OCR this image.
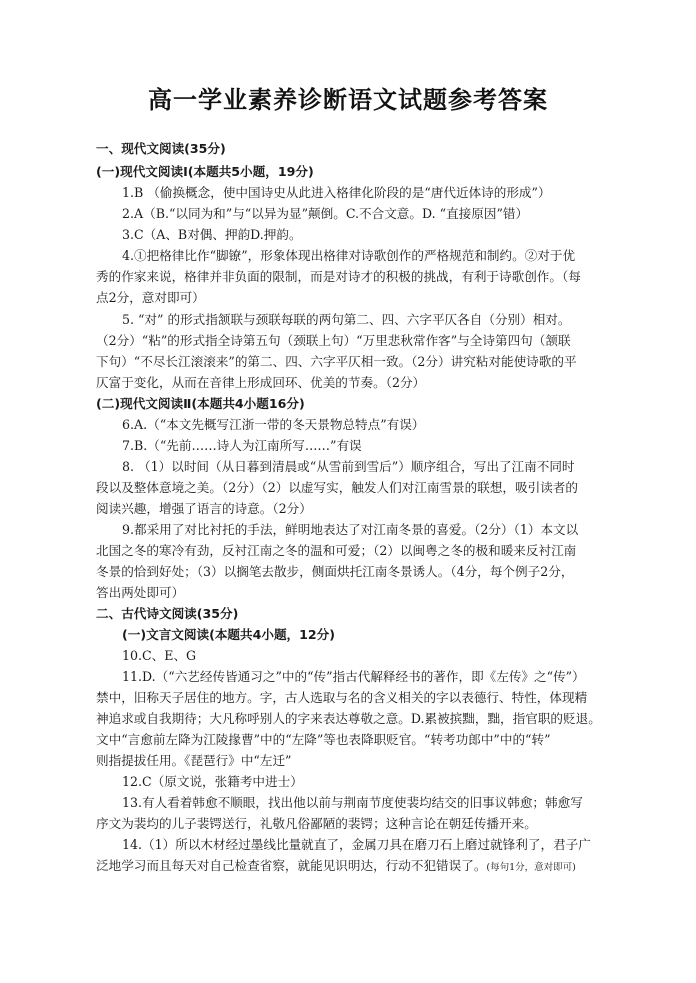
高一学业素养诊断语文试题参考答案
一、现代文阅读(35分)
(一)现代文阅读Ⅰ(本题共5小题，19分)
1.B （偷换概念，使中国诗史从此进入格律化阶段的是“唐代近体诗的形成”）
2.A（B.“以同为和”与“以异为显”颠倒。C.不合文意。D. “直接原因”错）
3.C（A、B对偶、押韵D.押韵。
4.①把格律比作“脚镣”，形象体现出格律对诗歌创作的严格规范和制约。②对于优
秀的作家来说，格律并非负面的限制，而是对诗才的积极的挑战，有利于诗歌创作。（每
点2分，意对即可）
5. “对” 的形式指颔联与颈联每联的两句第二、四、六字平仄各自（分别）相对。
（2分）“粘”的形式指全诗第五句（颈联上句）“万里悲秋常作客”与全诗第四句（颔联
下句）“不尽长江滚滚来”的第二、四、六字平仄相一致。（2分）讲究粘对能使诗歌的平
仄富于变化，从而在音律上形成回环、优美的节奏。（2分）
(二)现代文阅读Ⅱ(本题共4小题16分)
6.A.（“本文先概写江浙一带的冬天景物总特点”有误）
7.B.（“先前……诗人为江南所写……”有误
8. （1）以时间（从日暮到清晨或“从雪前到雪后”）顺序组合，写出了江南不同时
段以及整体意境之美。（2分）（2）以虚写实，触发人们对江南雪景的联想，吸引读者的
阅读兴趣，增强了语言的诗意。（2分）
9.都采用了对比衬托的手法，鲜明地表达了对江南冬景的喜爱。（2分）（1）本文以
北国之冬的寒冷有劲，反衬江南之冬的温和可爱；（2）以闽粤之冬的极和暖来反衬江南
冬景的恰到好处；（3）以搁笔去散步，侧面烘托江南冬景诱人。（4分，每个例子2分，
答出两处即可）
二、古代诗文阅读(35分)
(一)文言文阅读(本题共4小题，12分)
10.C、E、G
11.D.（“六艺经传皆通习之”中的“传”指古代解释经书的著作，即《左传》之“传”）
禁中，旧称天子居住的地方。字，古人选取与名的含义相关的字以表德行、特性，体现精
神追求或自我期待；大凡称呼别人的字来表达尊敬之意。D.累被摈黜，黜，指官职的贬退。
文中“言愈前左降为江陵掾曹”中的“左降”等也表降职贬官。“转考功郎中”中的“转”
则指提拔任用。《琵琶行》中“左迁”
12.C（原文说，张籍考中进士）
13.有人看着韩愈不顺眼，找出他以前与荆南节度使裴均结交的旧事议韩愈；韩愈写
序文为裴均的儿子裴锷送行，礼敬凡俗鄙陋的裴锷；这种言论在朝廷传播开来。
14.（1）所以木材经过墨线比量就直了，金属刀具在磨刀石上磨过就锋利了，君子广
泛地学习而且每天对自己检查省察，就能见识明达，行动不犯错误了。(每句1分，意对即可)
